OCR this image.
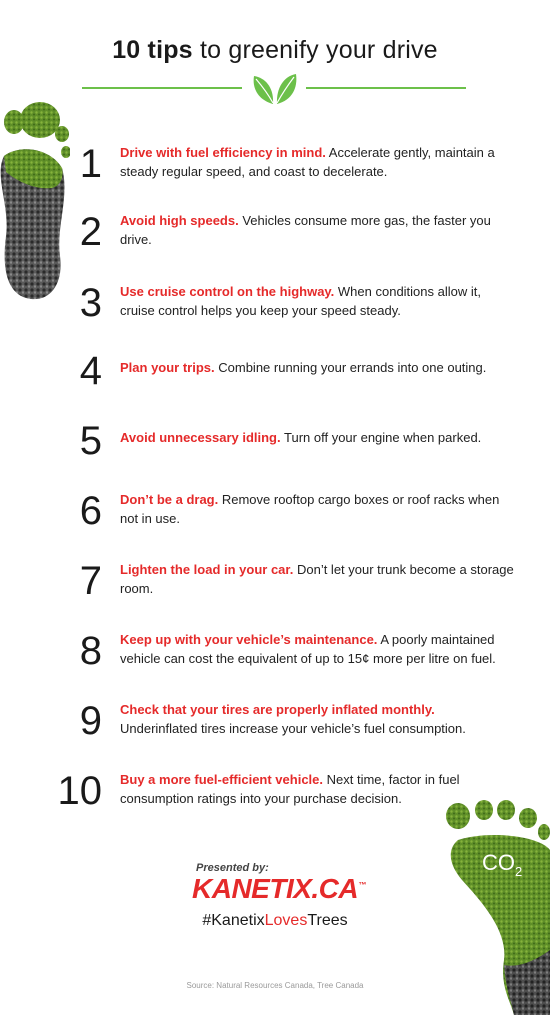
10 tips to greenify your drive
$CO_2$
1 Drive with fuel efficiency in mind. Accelerate gently, maintain a steady regular speed, and coast to decelerate.
2 Avoid high speeds. Vehicles consume more gas, the faster you drive.
3 Use cruise control on the highway. When conditions allow it, cruise control helps you keep your speed steady.
4 Plan your trips. Combine running your errands into one outing.
5 Avoid unnecessary idling. Turn off your engine when parked.
6 Don’t be a drag. Remove rooftop cargo boxes or roof racks when not in use.
7 Lighten the load in your car. Don’t let your trunk become a storage room.
8 Keep up with your vehicle’s maintenance. A poorly maintained vehicle can cost the equivalent of up to 15¢ more per litre on fuel.
9 Check that your tires are properly inflated monthly. Underinflated tires increase your vehicle’s fuel consumption.
10 Buy a more fuel-efficient vehicle. Next time, factor in fuel consumption ratings into your purchase decision.
Presented by:
KANETIX.CA™
#KanetixLovesTrees
Source: Natural Resources Canada, Tree Canada
